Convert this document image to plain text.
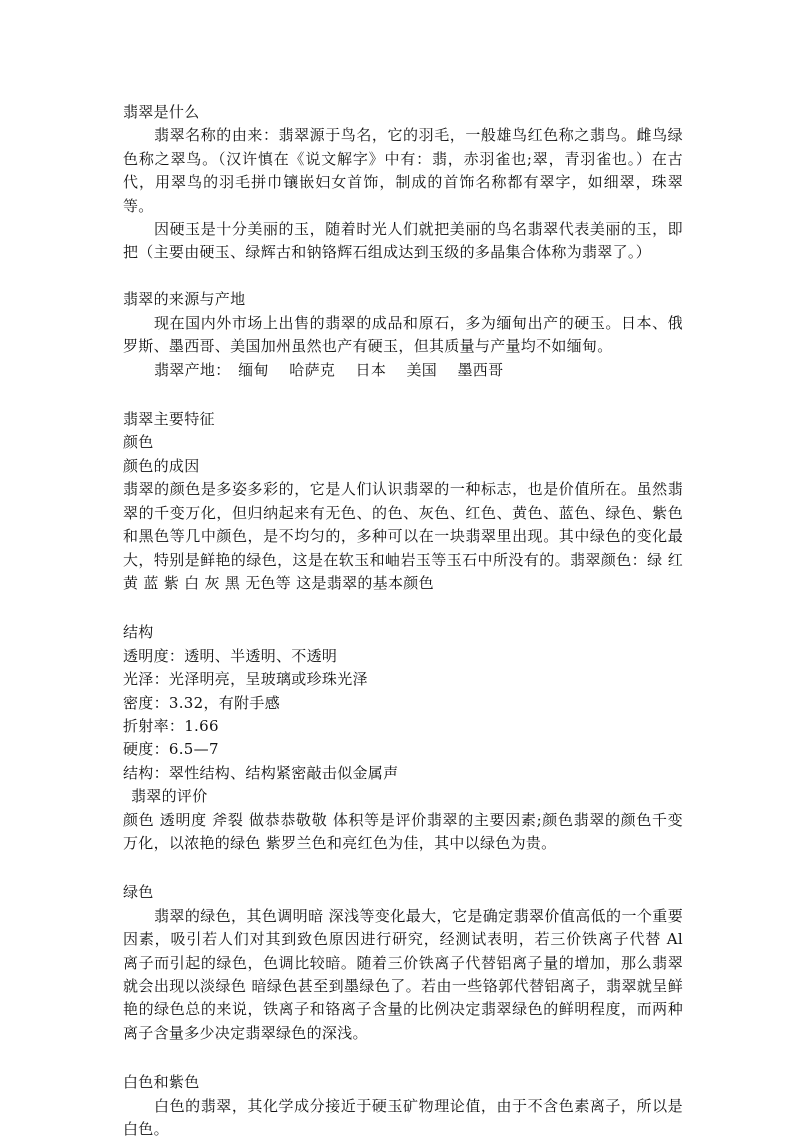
翡翠是什么

翡翠名称的由来：翡翠源于鸟名，它的羽毛，一般雄鸟红色称之翡鸟。雌鸟绿色称之翠鸟。（汉许慎在《说文解字》中有：翡，赤羽雀也;翠，青羽雀也。）在古代，用翠鸟的羽毛拼巾镶嵌妇女首饰，制成的首饰名称都有翠字，如细翠，珠翠等。

因硬玉是十分美丽的玉，随着时光人们就把美丽的鸟名翡翠代表美丽的玉，即把（主要由硬玉、绿辉古和钠铬辉石组成达到玉级的多晶集合体称为翡翠了。）

翡翠的来源与产地

现在国内外市场上出售的翡翠的成品和原石，多为缅甸出产的硬玉。日本、俄罗斯、墨西哥、美国加州虽然也产有硬玉，但其质量与产量均不如缅甸。

翡翠产地：　缅甸　 哈萨克　 日本　 美国　 墨西哥

翡翠主要特征

颜色

颜色的成因

翡翠的颜色是多姿多彩的，它是人们认识翡翠的一种标志，也是价值所在。虽然翡翠的千变万化，但归纳起来有无色、的色、灰色、红色、黄色、蓝色、绿色、紫色和黑色等几中颜色，是不均匀的，多种可以在一块翡翠里出现。其中绿色的变化最大，特别是鲜艳的绿色，这是在软玉和岫岩玉等玉石中所没有的。翡翠颜色：绿 红 黄 蓝 紫 白 灰 黑 无色等 这是翡翠的基本颜色

结构

透明度：透明、半透明、不透明

光泽：光泽明亮，呈玻璃或珍珠光泽

密度：3.32，有附手感

折射率：1.66

硬度：6.5—7

结构：翠性结构、结构紧密敲击似金属声

翡翠的评价

颜色 透明度 斧裂 做恭恭敬敬 体积等是评价翡翠的主要因素;颜色翡翠的颜色千变万化，以浓艳的绿色 紫罗兰色和亮红色为佳，其中以绿色为贵。

绿色

翡翠的绿色，其色调明暗 深浅等变化最大，它是确定翡翠价值高低的一个重要因素，吸引若人们对其到致色原因进行研究，经测试表明，若三价铁离子代替 Al 离子而引起的绿色，色调比较暗。随着三价铁离子代替铝离子量的增加，那么翡翠就会出现以淡绿色 暗绿色甚至到墨绿色了。若由一些铬郭代替铝离子，翡翠就呈鲜艳的绿色总的来说，铁离子和铬离子含量的比例决定翡翠绿色的鲜明程度，而两种离子含量多少决定翡翠绿色的深浅。

白色和紫色

白色的翡翠，其化学成分接近于硬玉矿物理论值，由于不含色素离子，所以是白色。
